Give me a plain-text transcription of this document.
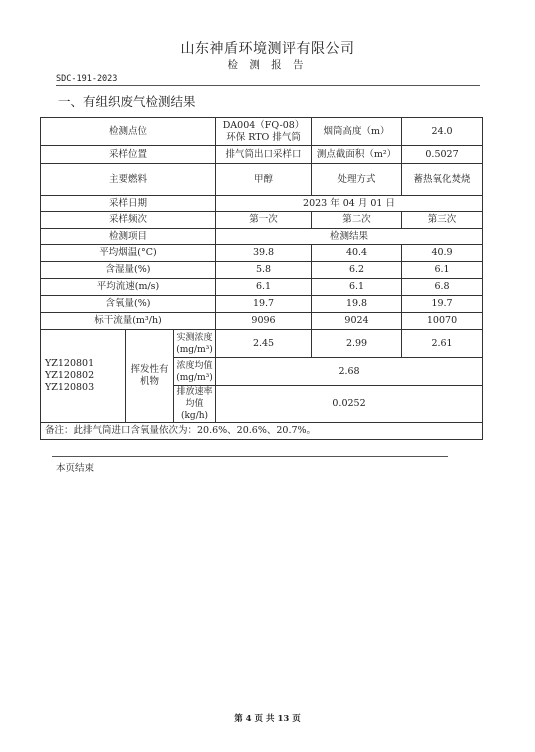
山东神盾环境测评有限公司
检 测 报 告
SDC-191-2023
一、有组织废气检测结果
检测点位			DA004（FQ-08）环保 RTO 排气筒	烟筒高度（m）	24.0
采样位置			排气筒出口采样口	测点截面积（m²）	0.5027
主要燃料			甲醇	处理方式	蓄热氧化焚烧
采样日期			2023 年 04 月 01 日		
采样频次			第一次	第二次	第三次
检测项目			检测结果		
平均烟温(°C)			39.8	40.4	40.9
含湿量(%)			5.8	6.2	6.1
平均流速(m/s)			6.1	6.1	6.8
含氧量(%)			19.7	19.8	19.7
标干流量(m³/h)			9096	9024	10070

YZ120801
YZ120802
YZ120803	挥发性有机物	实测浓度(mg/m³)	2.45	2.99	2.61
		浓度均值(mg/m³)	2.68		
		排放速率均值(kg/h)	0.0252		
备注：此排气筒进口含氧量依次为：20.6%、20.6%、20.7%。					
本页结束
第 4 页 共 13 页
